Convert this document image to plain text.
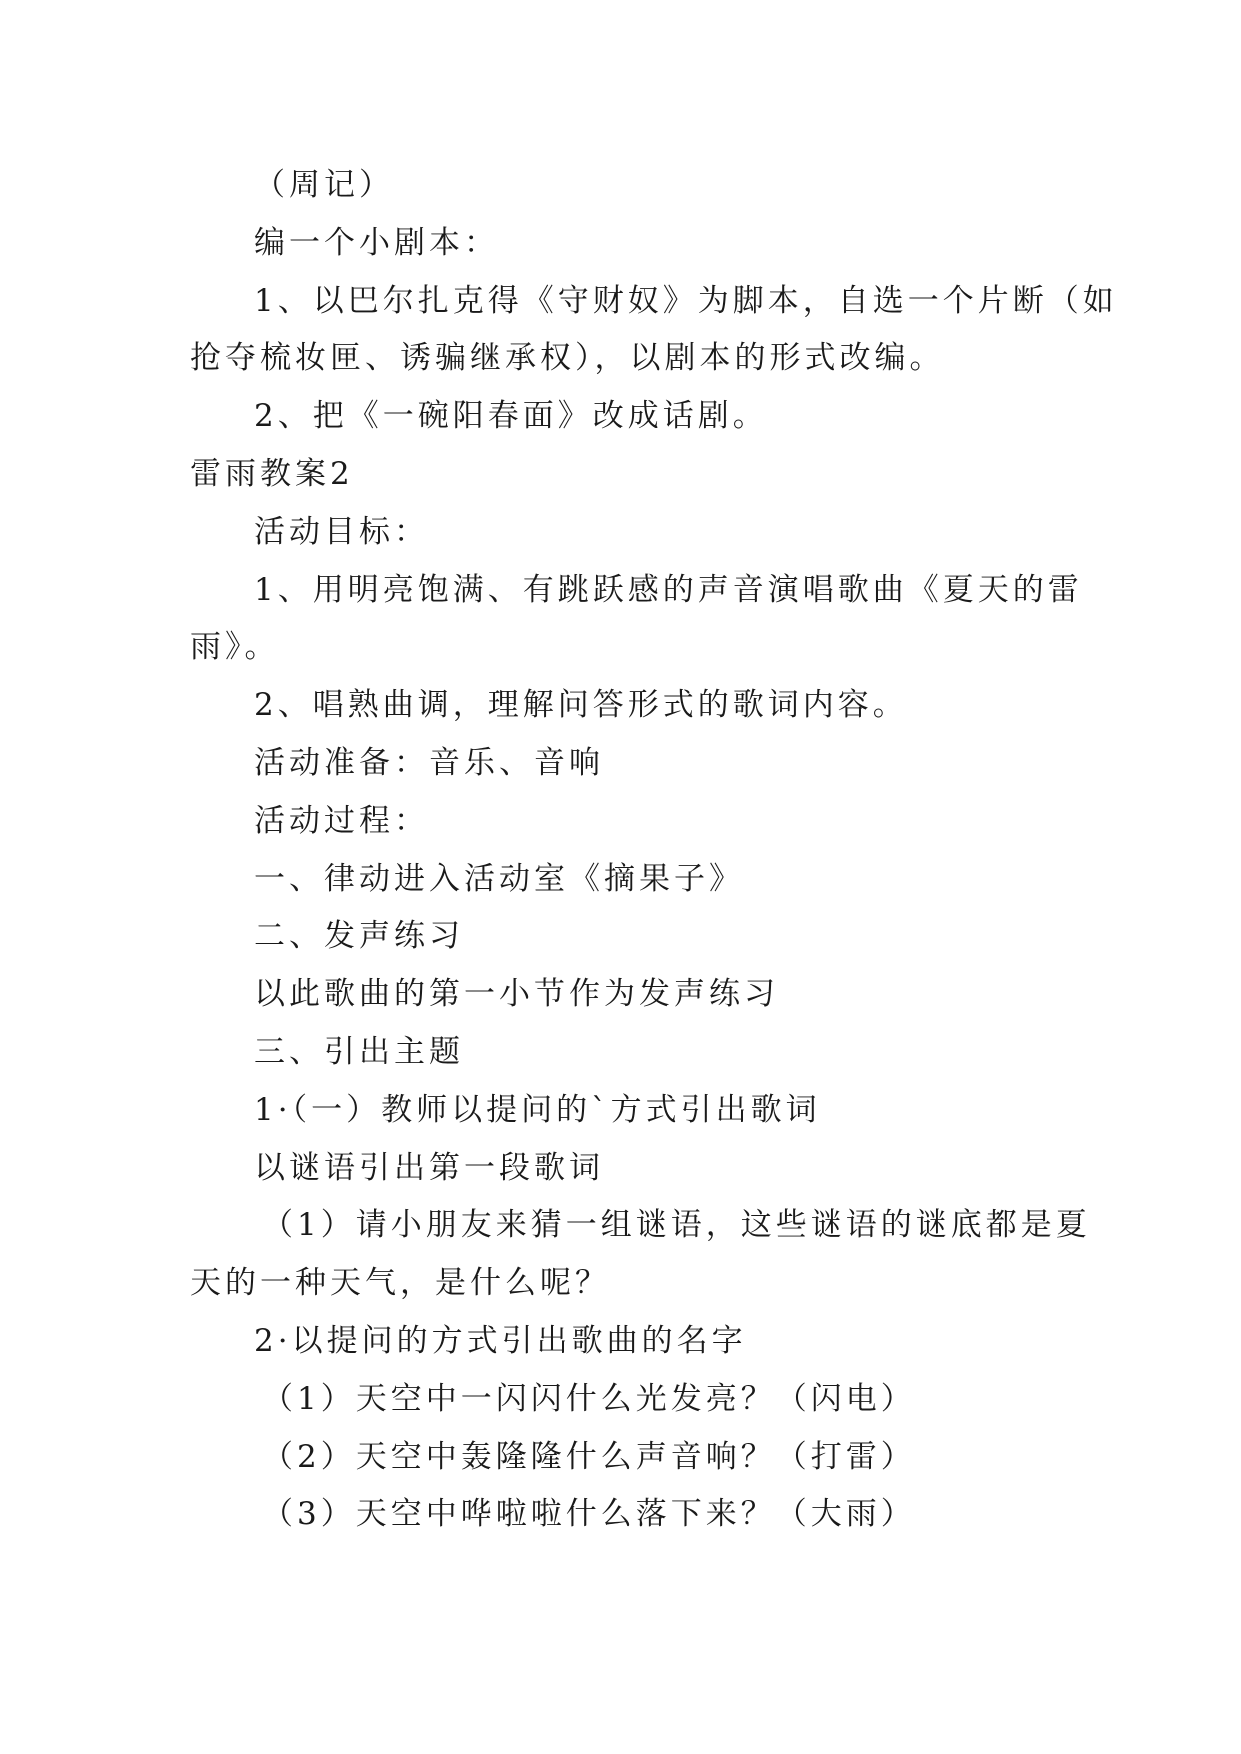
（周记）
编一个小剧本：
1、以巴尔扎克得《守财奴》为脚本，自选一个片断（如
抢夺梳妆匣、诱骗继承权），以剧本的形式改编。
2、把《一碗阳春面》改成话剧。
雷雨教案2
活动目标：
1、用明亮饱满、有跳跃感的声音演唱歌曲《夏天的雷
雨》。
2、唱熟曲调，理解问答形式的歌词内容。
活动准备：音乐、音响
活动过程：
一、律动进入活动室《摘果子》
二、发声练习
以此歌曲的第一小节作为发声练习
三、引出主题
1·（一）教师以提问的`方式引出歌词
以谜语引出第一段歌词
（1）请小朋友来猜一组谜语，这些谜语的谜底都是夏
天的一种天气，是什么呢？
2·以提问的方式引出歌曲的名字
（1）天空中一闪闪什么光发亮？（闪电）
（2）天空中轰隆隆什么声音响？（打雷）
（3）天空中哗啦啦什么落下来？（大雨）
